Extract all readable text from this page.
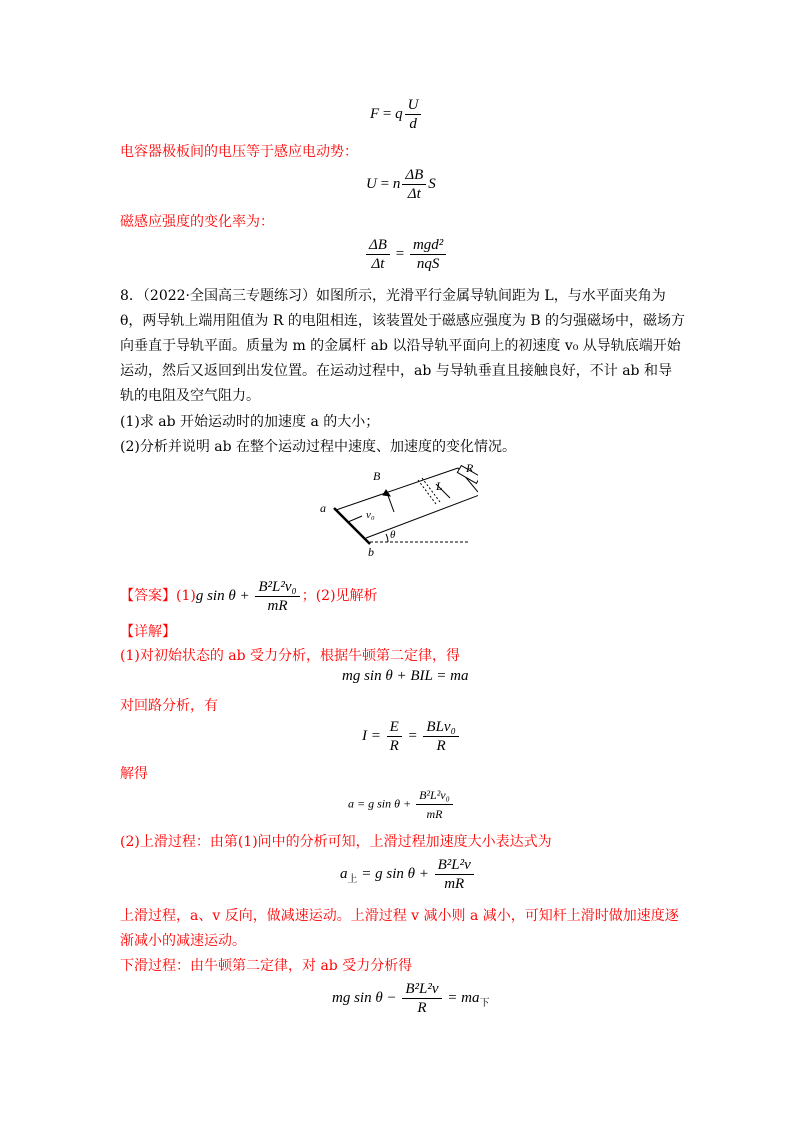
F = q $\frac{U}{d}$
电容器极板间的电压等于感应电动势：
U = n $\frac{\Delta B}{\Delta t}$ S
磁感应强度的变化率为：
$\frac{\Delta B}{\Delta t} = \frac{\text{mgd²}}{\text{nqS}}$
8．（2022·全国高三专题练习）如图所示，光滑平行金属导轨间距为 L，与水平面夹角为
θ，两导轨上端用阻值为 R 的电阻相连，该装置处于磁感应强度为 B 的匀强磁场中，磁场方
向垂直于导轨平面。质量为 m 的金属杆 ab 以沿导轨平面向上的初速度 v₀ 从导轨底端开始
运动，然后又返回到出发位置。在运动过程中，ab 与导轨垂直且接触良好，不计 ab 和导
轨的电阻及空气阻力。
(1)求 ab 开始运动时的加速度 a 的大小；
(2)分析并说明 ab 在整个运动过程中速度、加速度的变化情况。
B
R
L
a
b
v₀
θ
【答案】(1)g $\sin \theta + \frac{\text{B²L²v₀}}{mR}$ ；(2)见解析
【详解】
(1)对初始状态的 ab 受力分析，根据牛顿第二定律，得
mg sin θ + BIL = ma
对回路分析，有
$I = \frac{E}{R} = \frac{\text{BLv₀}}{R}$
解得
a = g $\sin \theta + \frac{\text{B²L²v₀}}{mR}$
(2)上滑过程：由第(1)问中的分析可知，上滑过程加速度大小表达式为
$a_上 = g$ $\sin \theta + \frac{\text{B²L²v}}{mR}$
上滑过程，a、v 反向，做减速运动。上滑过程 v 减小则 a 减小，可知杆上滑时做加速度逐
渐减小的减速运动。
下滑过程：由牛顿第二定律，对 ab 受力分析得
mg $\sin \theta - \frac{\text{B²L²v}}{R} = ma_下$
